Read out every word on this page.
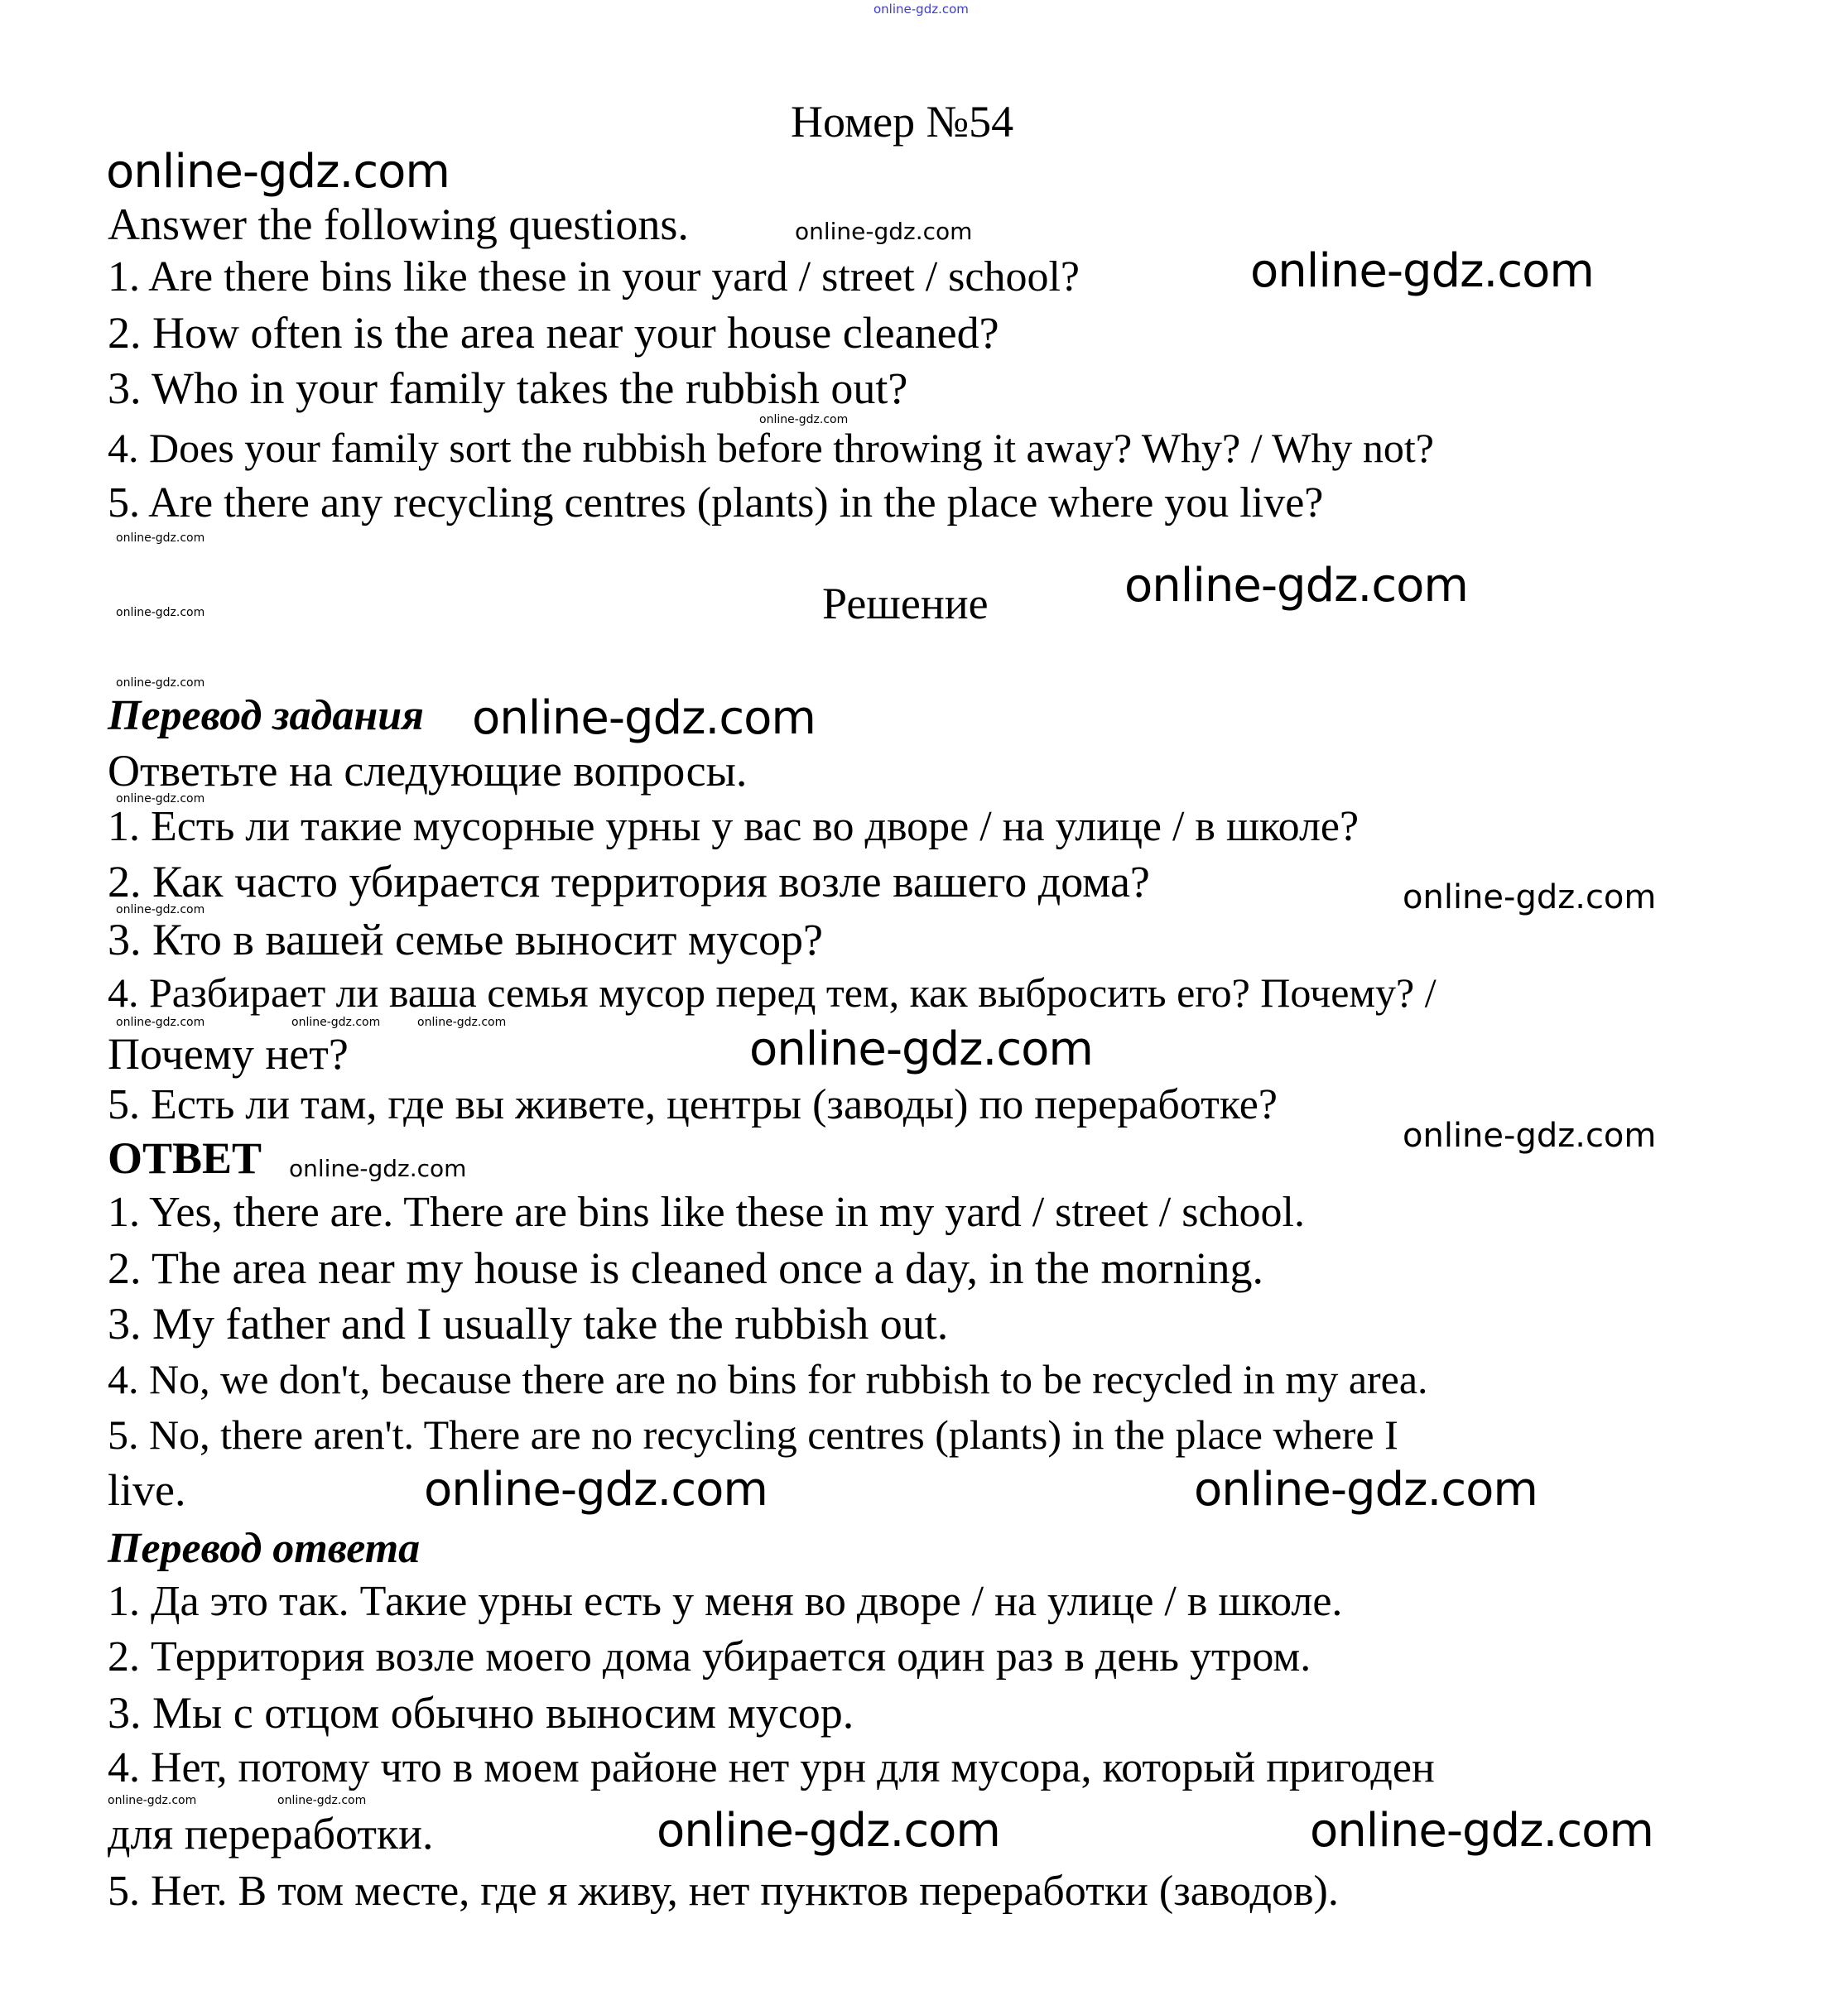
online-gdz.com
Номер №54
online-gdz.com
Answer the following questions.	online-gdz.com
1. Are there bins like these in your yard / street / school?	online-gdz.com
2. How often is the area near your house cleaned?
3. Who in your family takes the rubbish out?
online-gdz.com
4. Does your family sort the rubbish before throwing it away? Why? / Why not?
5. Are there any recycling centres (plants) in the place where you live?
online-gdz.com
Решение	online-gdz.com
online-gdz.com
online-gdz.com
Перевод задания online-gdz.com
Ответьте на следующие вопросы.
online-gdz.com
1. Есть ли такие мусорные урны у вас во дворе / на улице / в школе?
2. Как часто убирается территория возле вашего дома?	online-gdz.com
online-gdz.com
3. Кто в вашей семье выносит мусор?
4. Разбирает ли ваша семья мусор перед тем, как выбросить его? Почему? /
online-gdz.com	online-gdz.com	online-gdz.com
Почему нет?	online-gdz.com
5. Есть ли там, где вы живете, центры (заводы) по переработке?
online-gdz.com
ОТВЕТ online-gdz.com
1. Yes, there are. There are bins like these in my yard / street / school.
2. The area near my house is cleaned once a day, in the morning.
3. My father and I usually take the rubbish out.
4. No, we don't, because there are no bins for rubbish to be recycled in my area.
5. No, there aren't. There are no recycling centres (plants) in the place where I
live.	online-gdz.com	online-gdz.com
Перевод ответа
1. Да это так. Такие урны есть у меня во дворе / на улице / в школе.
2. Территория возле моего дома убирается один раз в день утром.
3. Мы с отцом обычно выносим мусор.
4. Нет, потому что в моем районе нет урн для мусора, который пригоден
online-gdz.com	online-gdz.com
для переработки.	online-gdz.com	online-gdz.com
5. Нет. В том месте, где я живу, нет пунктов переработки (заводов).
